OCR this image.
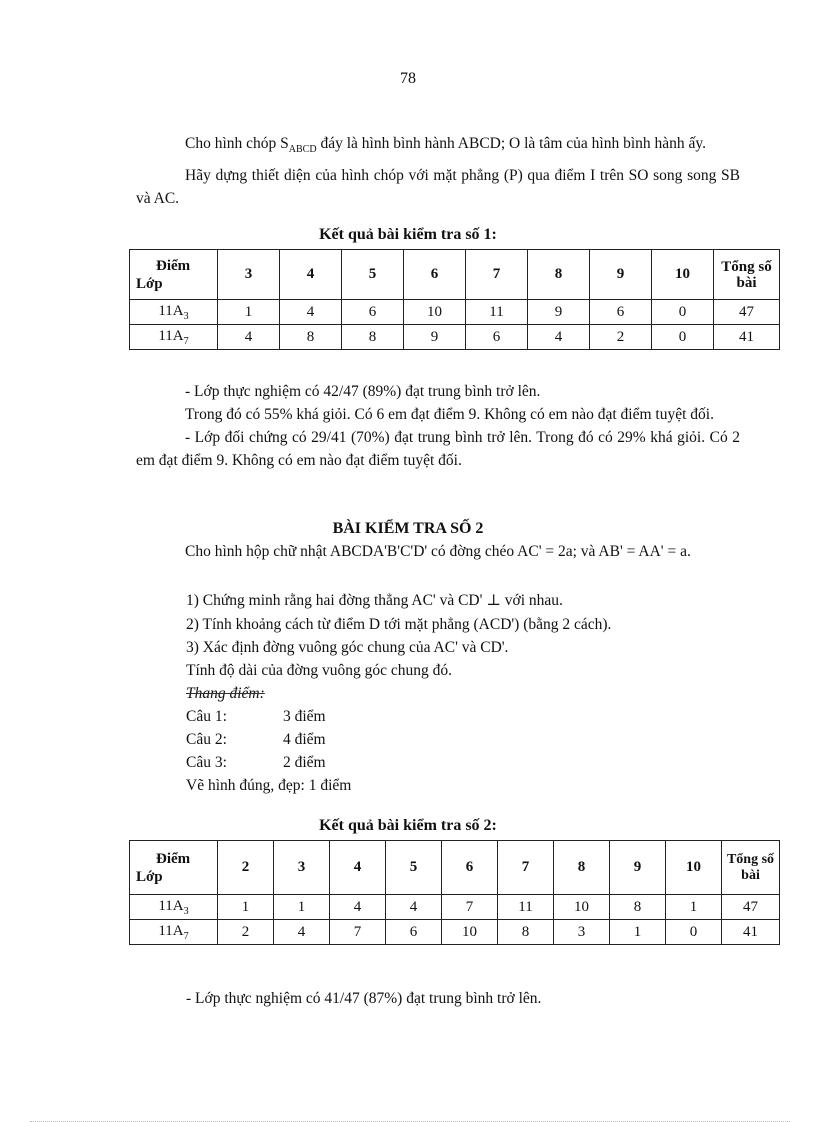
78

Cho hình chóp $S_{ABCD}$ đáy là hình bình hành ABCD; O là tâm của hình bình hành ấy.

Hãy dựng thiết diện của hình chóp với mặt phẳng (P) qua điểm I trên SO song song SB và AC.

Kết quả bài kiểm tra số 1:
Điểm
Lớp	3	4	5	6	7	8	9	10	Tổng số bài
$11A_3$	1	4	6	10	11	9	6	0	47
$11A_7$	4	8	8	9	6	4	2	0	41

- Lớp thực nghiệm có 42/47 (89%) đạt trung bình trở lên.

Trong đó có 55% khá giỏi. Có 6 em đạt điểm 9. Không có em nào đạt điểm tuyệt đối.

- Lớp đối chứng có 29/41 (70%) đạt trung bình trở lên. Trong đó có 29% khá giỏi. Có 2 em đạt điểm 9. Không có em nào đạt điểm tuyệt đối.

BÀI KIỂM TRA SỐ 2

Cho hình hộp chữ nhật ABCDA'B'C'D' có đờng chéo AC' = 2a; và AB' = AA' = a.

1) Chứng minh rằng hai đờng thẳng AC' và CD' ⊥ với nhau.
2) Tính khoảng cách từ điểm D tới mặt phẳng (ACD') (bằng 2 cách).
3) Xác định đờng vuông góc chung của AC' và CD'.
Tính độ dài của đờng vuông góc chung đó.
Thang điểm:
Câu 1:	3 điểm
Câu 2:	4 điểm
Câu 3:	2 điểm
Vẽ hình đúng, đẹp: 1 điểm
Kết quả bài kiểm tra số 2:
Điểm
Lớp	2	3	4	5	6	7	8	9	10	Tổng số bài
$11A_3$	1	1	4	4	7	11	10	8	1	47
$11A_7$	2	4	7	6	10	8	3	1	0	41
- Lớp thực nghiệm có 41/47 (87%) đạt trung bình trở lên.
